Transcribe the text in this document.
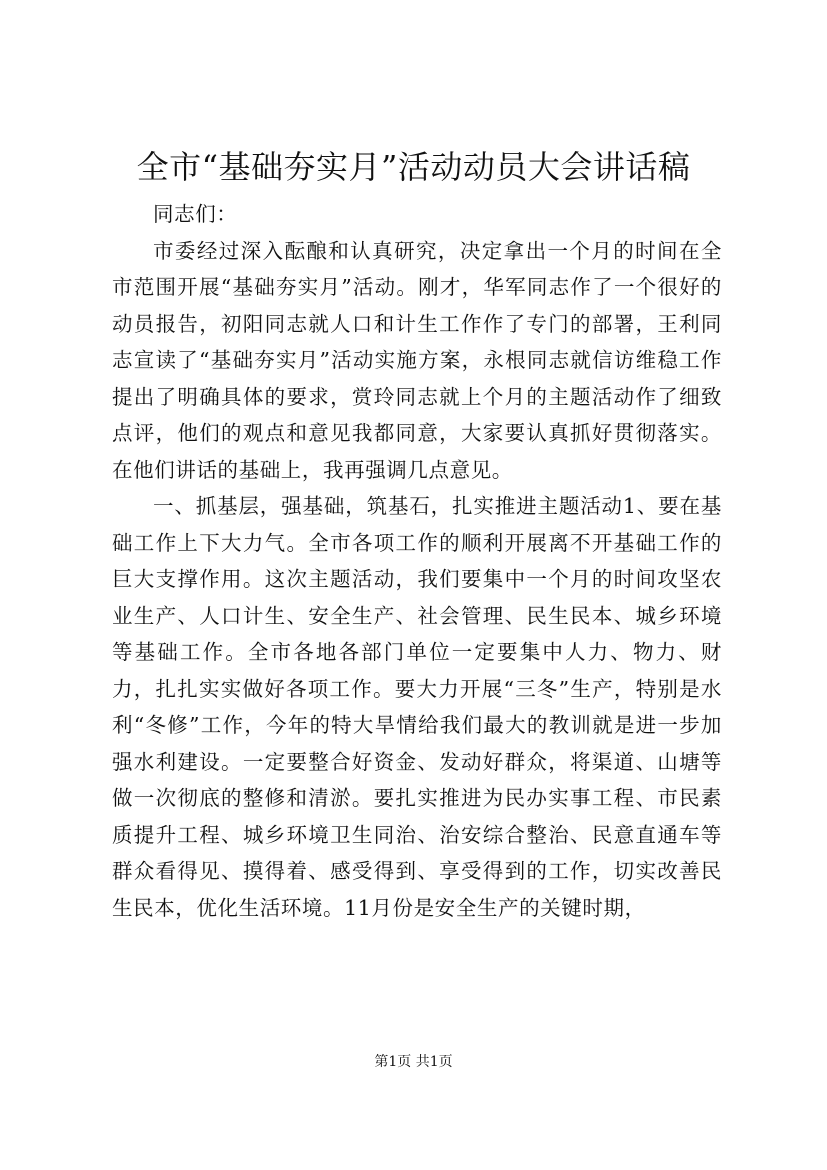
全市“基础夯实月”活动动员大会讲话稿

同志们：

市委经过深入酝酿和认真研究，决定拿出一个月的时间在全市范围开展“基础夯实月”活动。刚才，华军同志作了一个很好的动员报告，初阳同志就人口和计生工作作了专门的部署，王利同志宣读了“基础夯实月”活动实施方案，永根同志就信访维稳工作提出了明确具体的要求，赏玲同志就上个月的主题活动作了细致点评，他们的观点和意见我都同意，大家要认真抓好贯彻落实。在他们讲话的基础上，我再强调几点意见。

一、抓基层，强基础，筑基石，扎实推进主题活动1、要在基础工作上下大力气。全市各项工作的顺利开展离不开基础工作的巨大支撑作用。这次主题活动，我们要集中一个月的时间攻坚农业生产、人口计生、安全生产、社会管理、民生民本、城乡环境等基础工作。全市各地各部门单位一定要集中人力、物力、财力，扎扎实实做好各项工作。要大力开展“三冬”生产，特别是水利“冬修”工作，今年的特大旱情给我们最大的教训就是进一步加强水利建设。一定要整合好资金、发动好群众，将渠道、山塘等做一次彻底的整修和清淤。要扎实推进为民办实事工程、市民素质提升工程、城乡环境卫生同治、治安综合整治、民意直通车等群众看得见、摸得着、感受得到、享受得到的工作，切实改善民生民本，优化生活环境。11月份是安全生产的关键时期，

第1页 共1页
